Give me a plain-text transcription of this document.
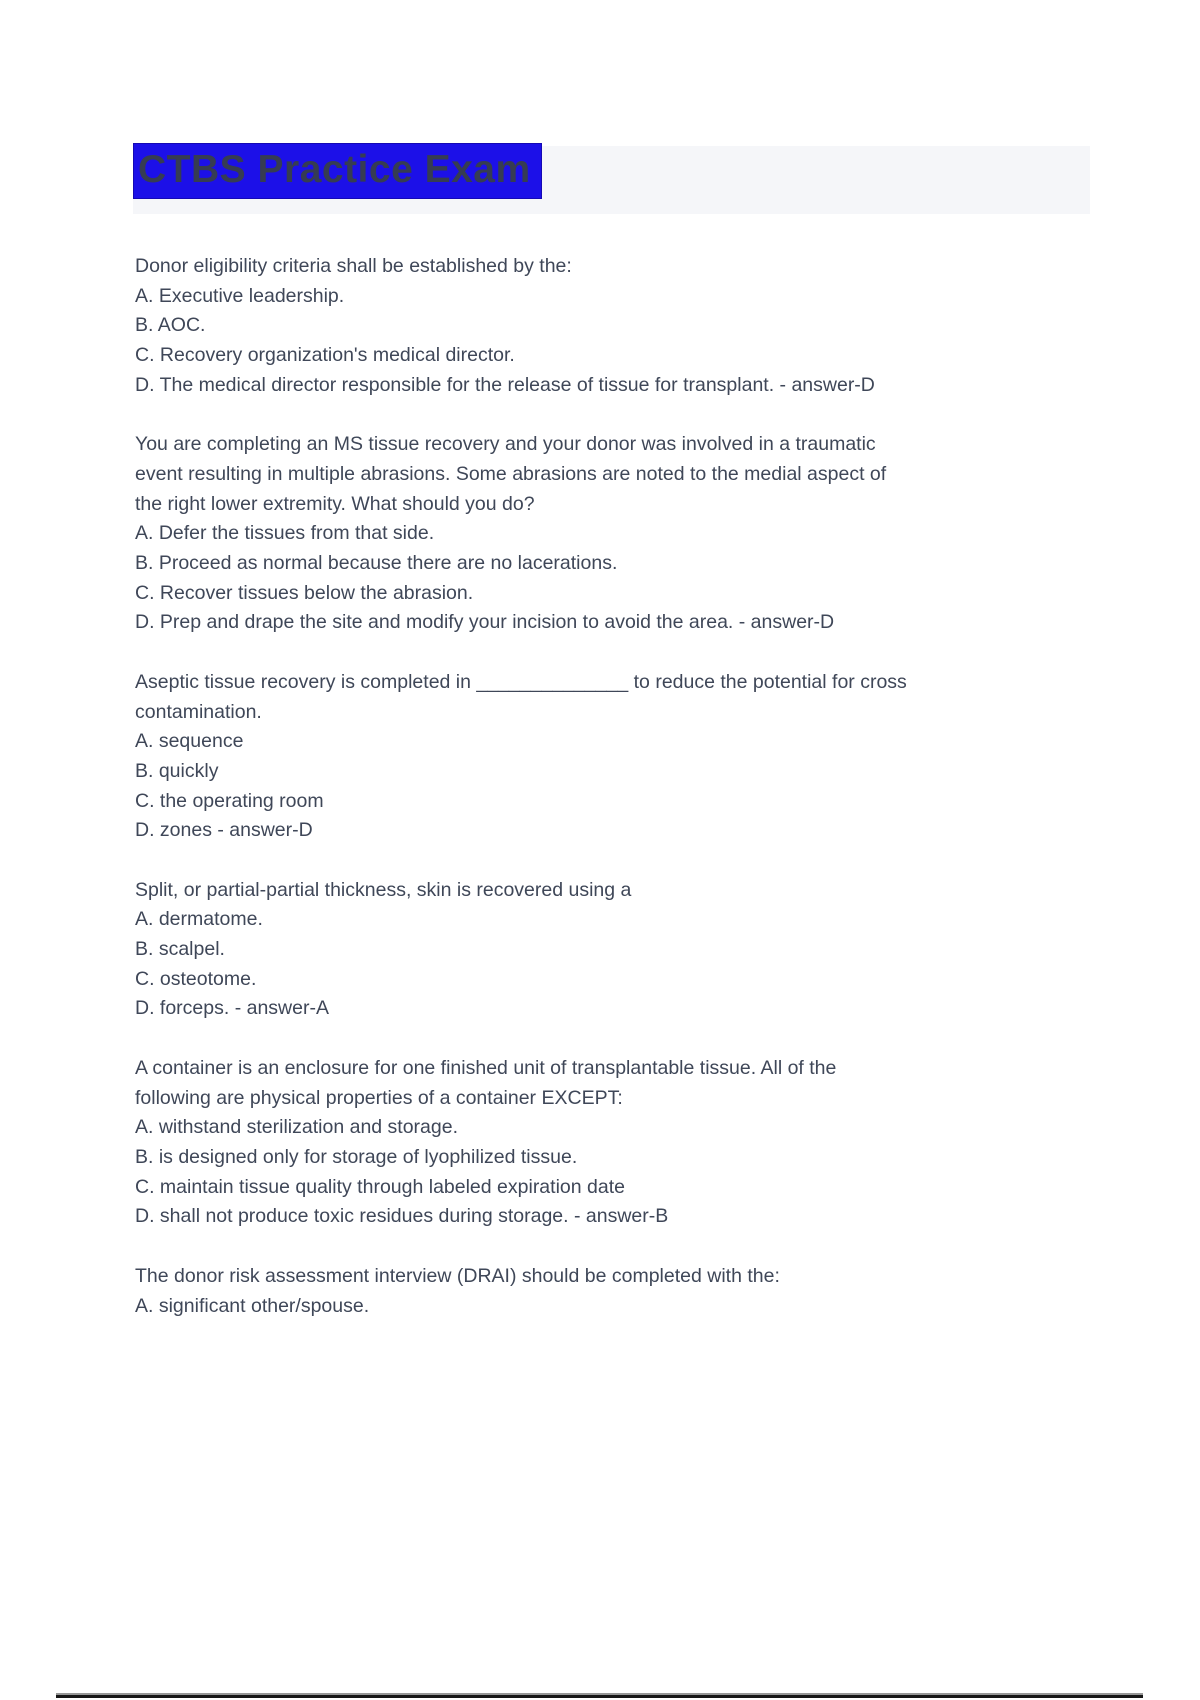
CTBS Practice Exam
Donor eligibility criteria shall be established by the:
A. Executive leadership.
B. AOC.
C. Recovery organization's medical director.
D. The medical director responsible for the release of tissue for transplant. - answer-D
You are completing an MS tissue recovery and your donor was involved in a traumatic
event resulting in multiple abrasions. Some abrasions are noted to the medial aspect of
the right lower extremity. What should you do?
A. Defer the tissues from that side.
B. Proceed as normal because there are no lacerations.
C. Recover tissues below the abrasion.
D. Prep and drape the site and modify your incision to avoid the area. - answer-D
Aseptic tissue recovery is completed in ______________ to reduce the potential for cross
contamination.
A. sequence
B. quickly
C. the operating room
D. zones - answer-D
Split, or partial-partial thickness, skin is recovered using a
A. dermatome.
B. scalpel.
C. osteotome.
D. forceps. - answer-A
A container is an enclosure for one finished unit of transplantable tissue. All of the
following are physical properties of a container EXCEPT:
A. withstand sterilization and storage.
B. is designed only for storage of lyophilized tissue.
C. maintain tissue quality through labeled expiration date
D. shall not produce toxic residues during storage. - answer-B
The donor risk assessment interview (DRAI) should be completed with the:
A. significant other/spouse.
